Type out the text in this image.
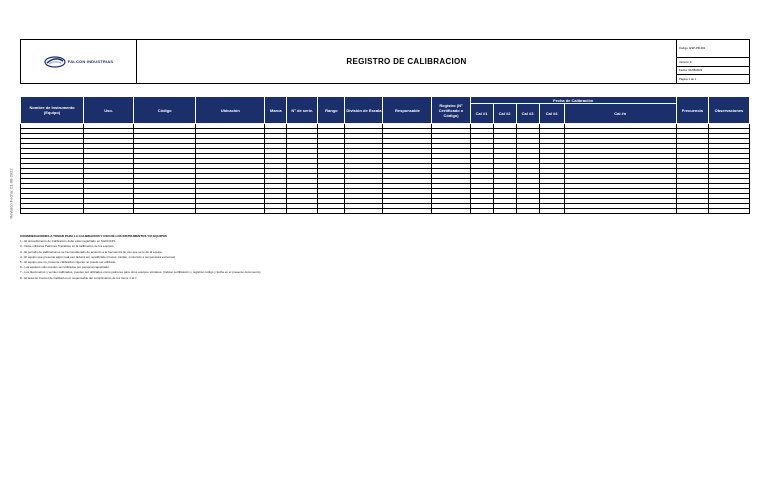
Revisión Fecha: 01-08-2022
FALCON INDUSTRIAS	REGISTRO DE CALIBRACION
Código: ESP-PR-001
Versión: 0
Fecha: 01/08/2022
Página 1 de 1
Nombre de Instrumento (Equipo)	Uso.	Código	Ubicación	Marca	N° de serie.	Rango	División de Escala	Responsable	Registro (N° Certificado o Código)	Fecha de Calibración					Frecuencia	Observaciones
										Cal #1	Cal #2	Cal #3	Cal #4	Cal #n		

CONSIDERACIONES A TOMAR PARA LA CALIBRACION Y USO DE LOS INSTRUMENTOS Y/O EQUIPOS
1.- El procedimiento de Calibración debe estar registrado en SGDOCPL.
2.- Debe utilizarse Patrones Trazables en la calibración de los equipos.
3.- El periodo de calibraciones se ha considerado de acuerdo a la frecuencia de uso que se le de al equipo.
4.- El equipo que presente algún real uso deberá ser recalibrado (cruces, caídas, contenido a temperatura extremas).
5.- El equipo que no presente calibración vigente no puede ser utilizado.
6.- Los equipos sólo pueden ser utilizados por personal capacitado.
7.- Los flexómetros y vernier calibrados, pueden ser utilizados como patrones para otros equipos similares. (indicar certificación y registrar código y fecha en el presente documento).
8.- El área de Control de Calidad es el responsable del cumplimiento de los ítems 1 al 7.
